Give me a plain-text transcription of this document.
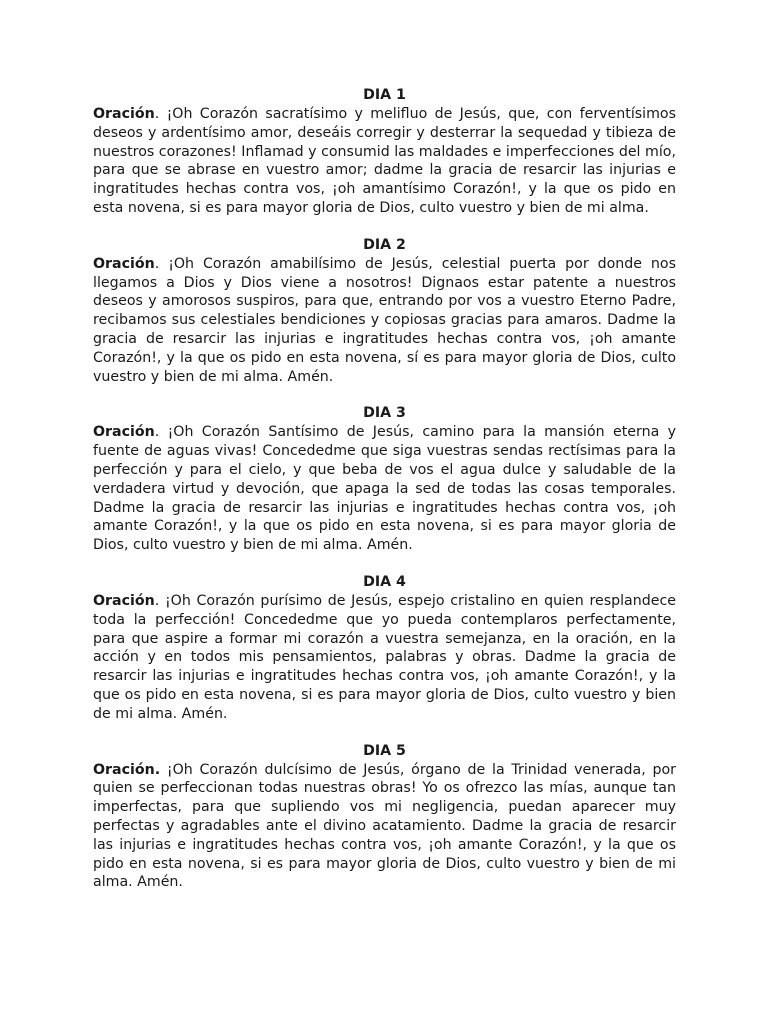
DIA 1

Oración. ¡Oh Corazón sacratísimo y melifluo de Jesús, que, con ferventísimos deseos y ardentísimo amor, deseáis corregir y desterrar la sequedad y tibieza de nuestros corazones! Inflamad y consumid las maldades e imperfecciones del mío, para que se abrase en vuestro amor; dadme la gracia de resarcir las injurias e ingratitudes hechas contra vos, ¡oh amantísimo Corazón!, y la que os pido en esta novena, si es para mayor gloria de Dios, culto vuestro y bien de mi alma.

DIA 2

Oración. ¡Oh Corazón amabilísimo de Jesús, celestial puerta por donde nos llegamos a Dios y Dios viene a nosotros! Dignaos estar patente a nuestros deseos y amorosos suspiros, para que, entrando por vos a vuestro Eterno Padre, recibamos sus celestiales bendiciones y copiosas gracias para amaros. Dadme la gracia de resarcir las injurias e ingratitudes hechas contra vos, ¡oh amante Corazón!, y la que os pido en esta novena, sí es para mayor gloria de Dios, culto vuestro y bien de mi alma. Amén.

DIA 3

Oración. ¡Oh Corazón Santísimo de Jesús, camino para la mansión eterna y fuente de aguas vivas! Concededme que siga vuestras sendas rectísimas para la perfección y para el cielo, y que beba de vos el agua dulce y saludable de la verdadera virtud y devoción, que apaga la sed de todas las cosas temporales. Dadme la gracia de resarcir las injurias e ingratitudes hechas contra vos, ¡oh amante Corazón!, y la que os pido en esta novena, si es para mayor gloria de Dios, culto vuestro y bien de mi alma. Amén.

DIA 4

Oración. ¡Oh Corazón purísimo de Jesús, espejo cristalino en quien resplandece toda la perfección! Concededme que yo pueda contemplaros perfectamente, para que aspire a formar mi corazón a vuestra semejanza, en la oración, en la acción y en todos mis pensamientos, palabras y obras. Dadme la gracia de resarcir las injurias e ingratitudes hechas contra vos, ¡oh amante Corazón!, y la que os pido en esta novena, si es para mayor gloria de Dios, culto vuestro y bien de mi alma. Amén.

DIA 5

Oración. ¡Oh Corazón dulcísimo de Jesús, órgano de la Trinidad venerada, por quien se perfeccionan todas nuestras obras! Yo os ofrezco las mías, aunque tan imperfectas, para que supliendo vos mi negligencia, puedan aparecer muy perfectas y agradables ante el divino acatamiento. Dadme la gracia de resarcir las injurias e ingratitudes hechas contra vos, ¡oh amante Corazón!, y la que os pido en esta novena, si es para mayor gloria de Dios, culto vuestro y bien de mi alma. Amén.
